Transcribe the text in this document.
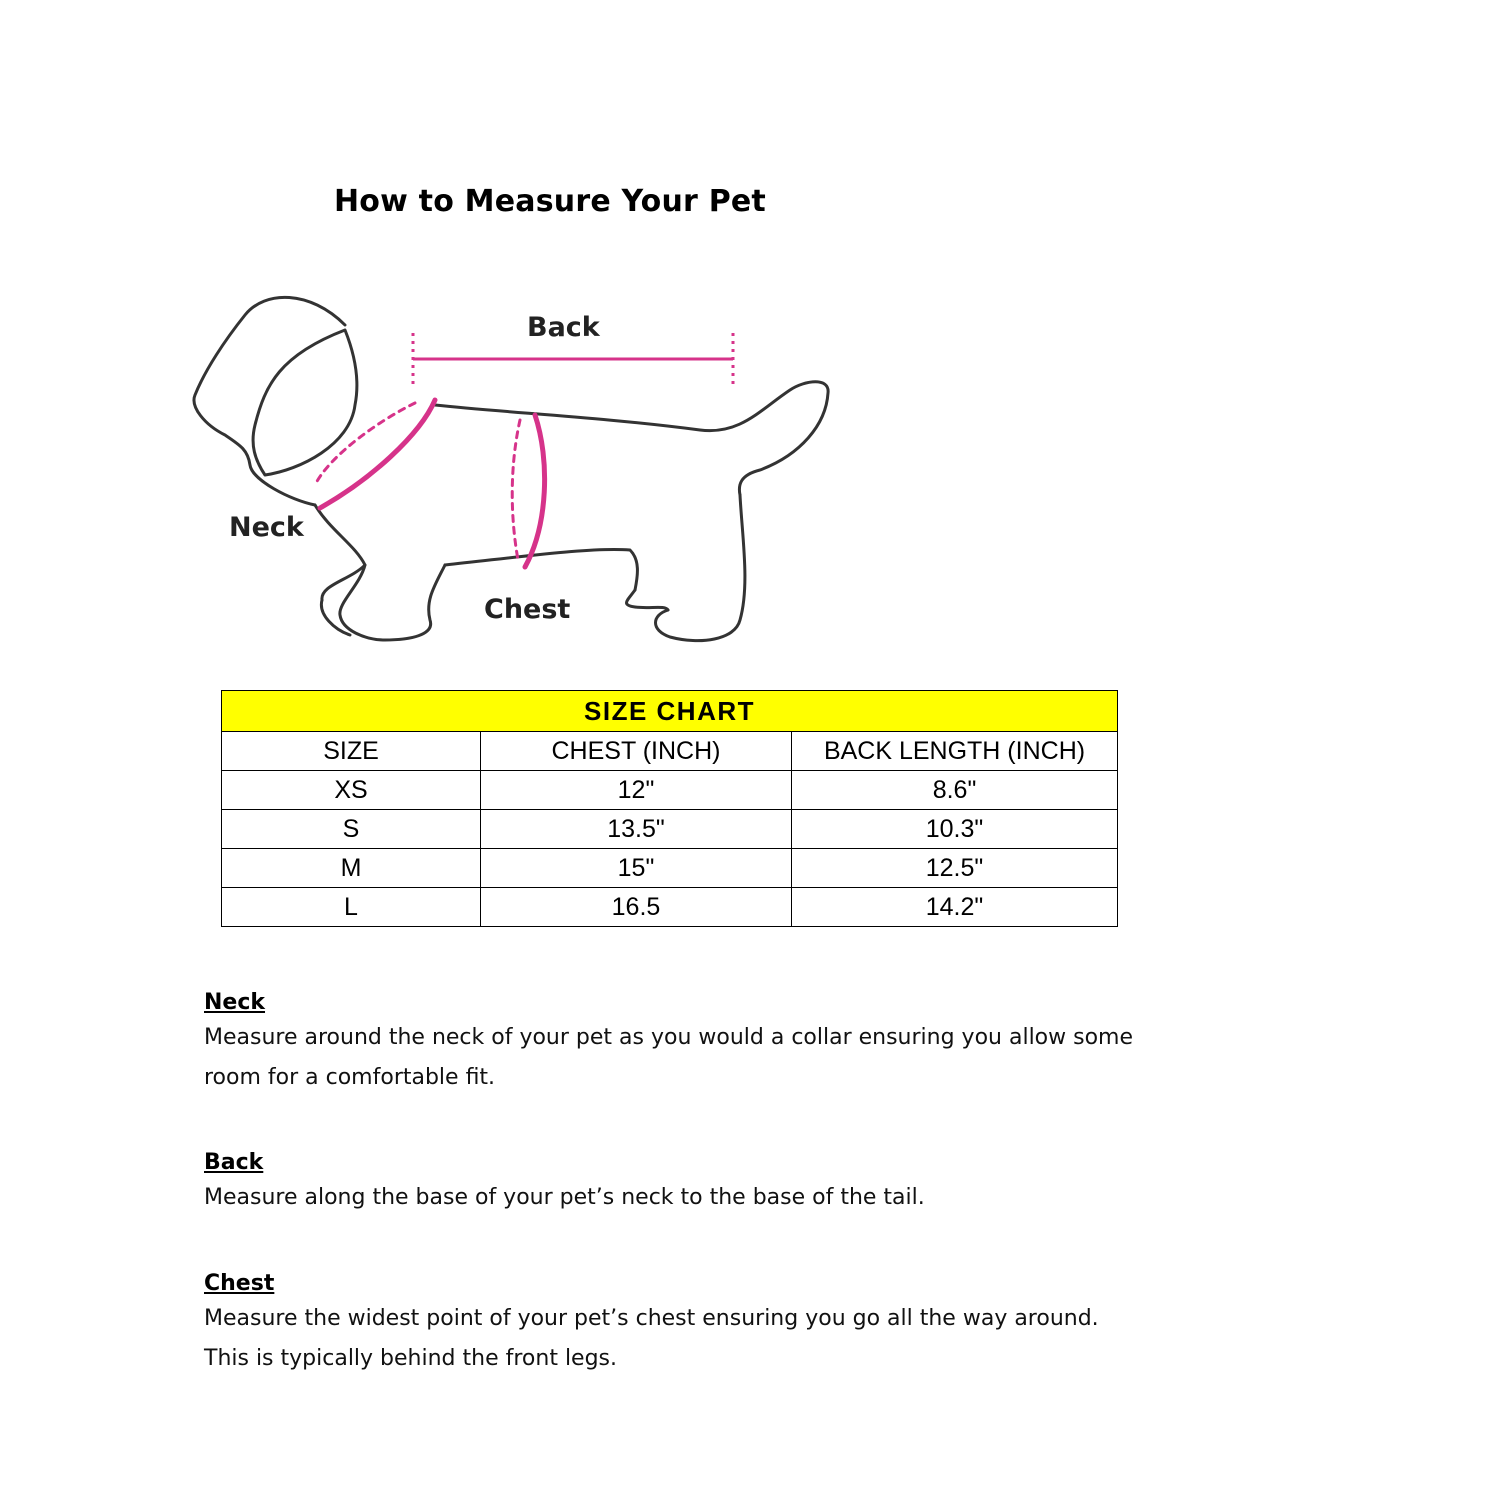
How to Measure Your Pet
Back
Neck
Chest
SIZE CHART		
SIZE	CHEST (INCH)	BACK LENGTH (INCH)
XS	12"	8.6"
S	13.5"	10.3"
M	15"	12.5"
L	16.5	14.2"
Neck

Measure around the neck of your pet as you would a collar ensuring you allow some

room for a comfortable fit.

Back

Measure along the base of your pet’s neck to the base of the tail.

Chest

Measure the widest point of your pet’s chest ensuring you go all the way around.

This is typically behind the front legs.
